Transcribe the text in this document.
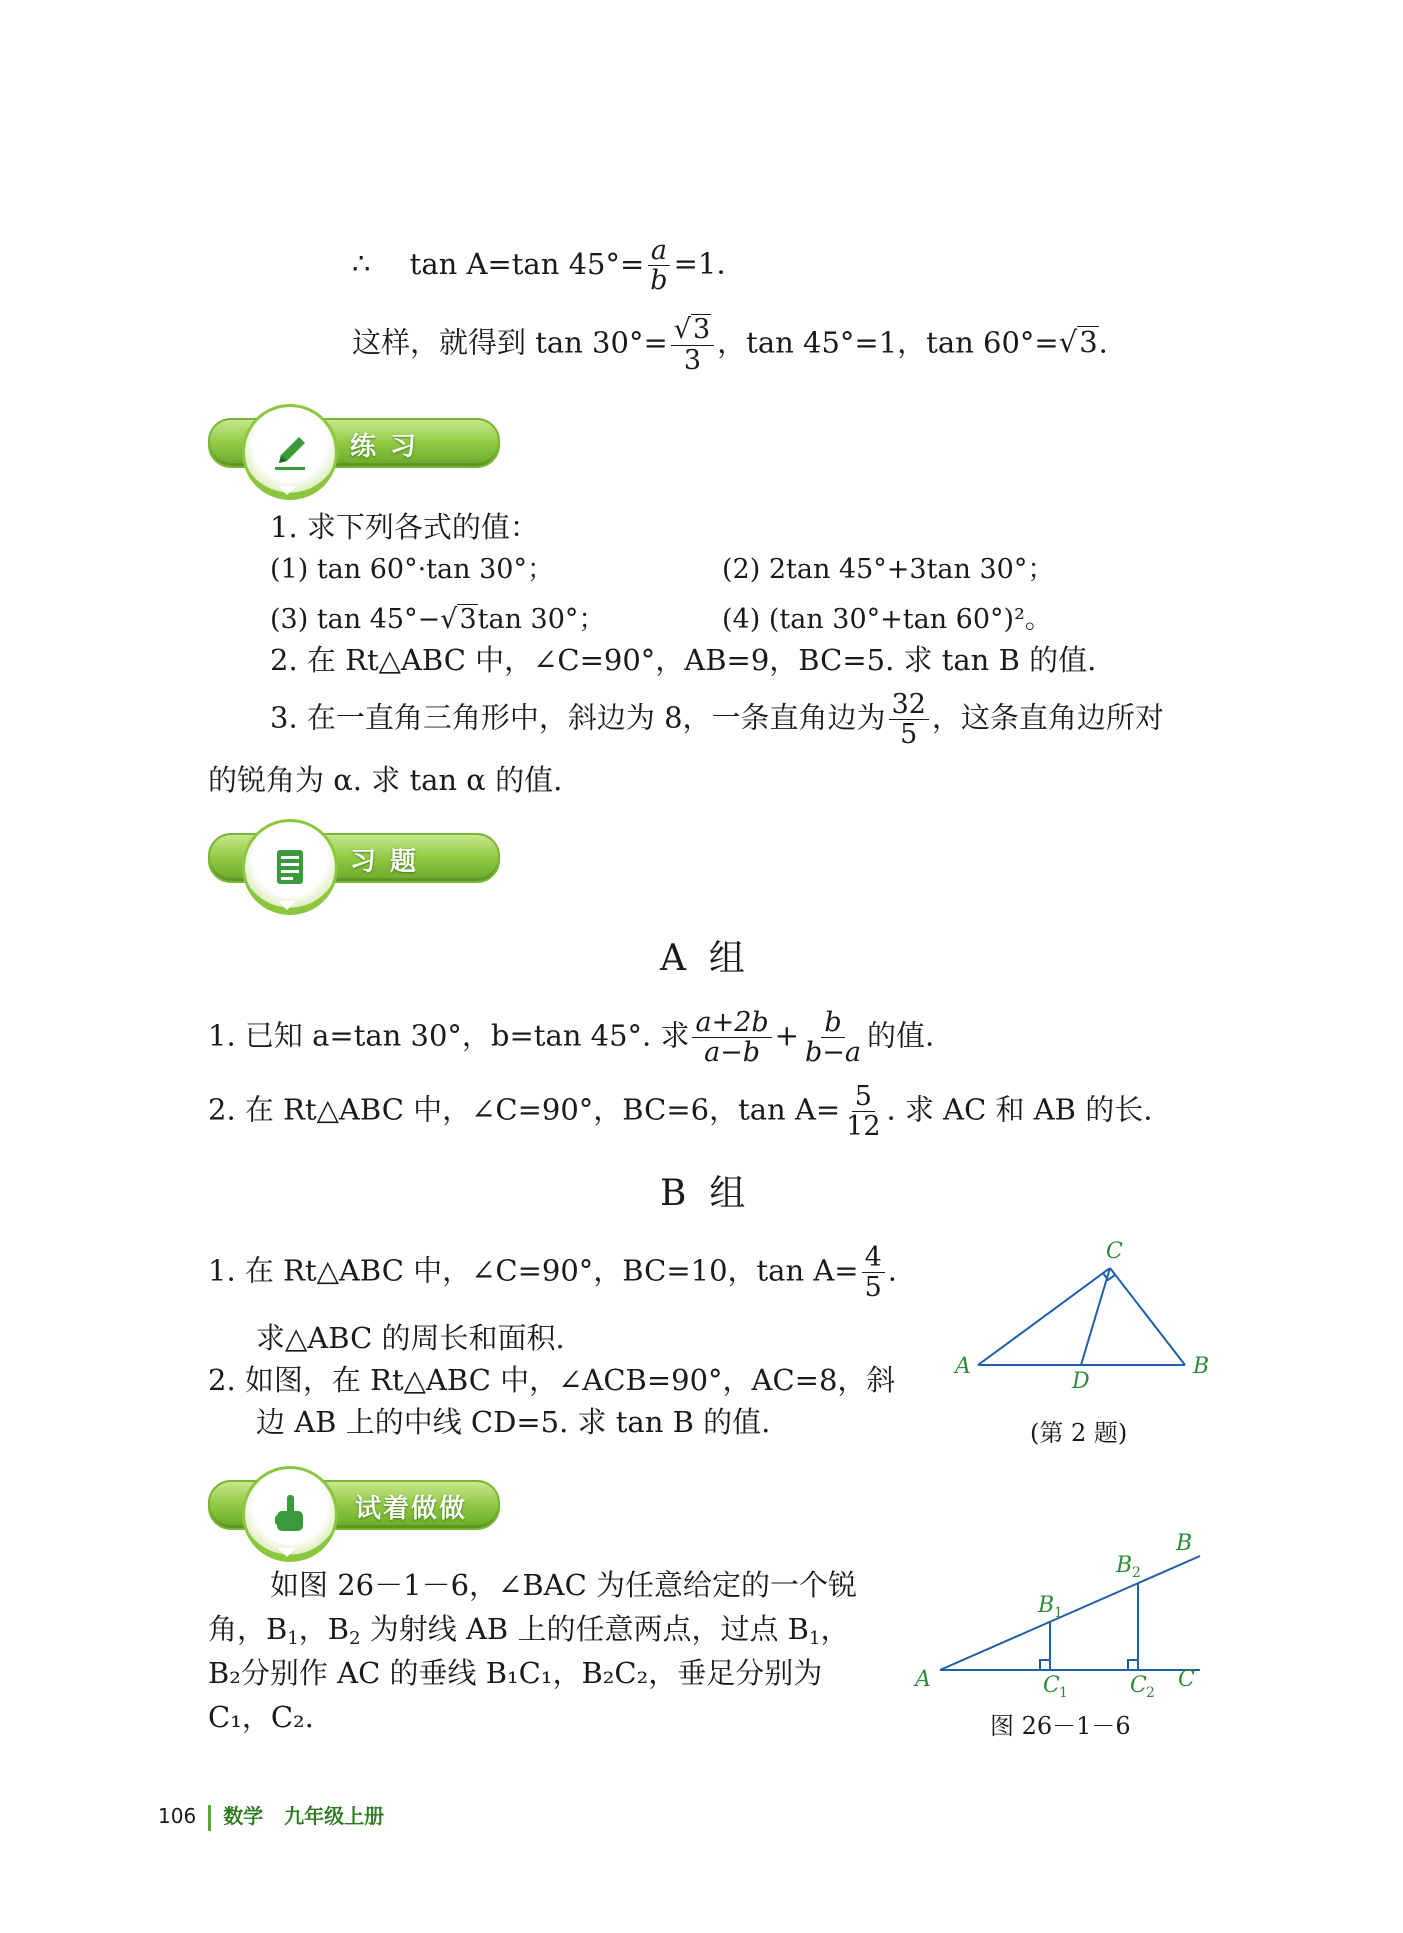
∴ tan A=tan $45^\circ= \frac{a}{b} =1$.
这样，就得到 $\tan 30^\circ= \frac{√3}{3}$ ，tan 45°=1，tan 60°=√3.
练习
1. 求下列各式的值：
(1) tan 60°·tan 30°；	(2) 2tan 45°+3tan 30°；
(3) tan 45°−√3tan 30°；	(4) (tan 30°+tan 60°)²。
2. 在 Rt△ABC 中，∠C=90°，AB=9，BC=5. 求 tan B 的值.
3. 在一直角三角形中，斜边为 8，一条直角边为 $\frac{32}{5}$ ，这条直角边所对
的锐角为 α. 求 tan α 的值.
习题
A  组
1. 已知 a=tan 30°，b=tan 45°. 求 $\frac{a+2b}{a-b} + \frac{b}{b-a}$ 的值.
2. 在 Rt△ABC 中，∠C=90°，BC=6，$\tan A= \frac{5}{12}$ . 求 AC 和 AB 的长.
B  组
1. 在 Rt△ABC 中，∠C=90°，BC=10，$\tan A= \frac{4}{5}$ .
求△ABC 的周长和面积.
2. 如图，在 Rt△ABC 中，∠ACB=90°，AC=8，斜
边 AB 上的中线 CD=5. 求 tan B 的值.
A	B
C
D
(第 2 题)
试着做做
如图 26－1－6，∠BAC 为任意给定的一个锐
角，$B_1$，$B_2$ 为射线 AB 上的任意两点，过点 $B_1$，
B₂分别作 AC 的垂线 B₁C₁，B₂C₂，垂足分别为
C₁，C₂.
A	C
B
B 1
B 2
C 1	C 2
图 26－1－6
106 数学   九年级上册
